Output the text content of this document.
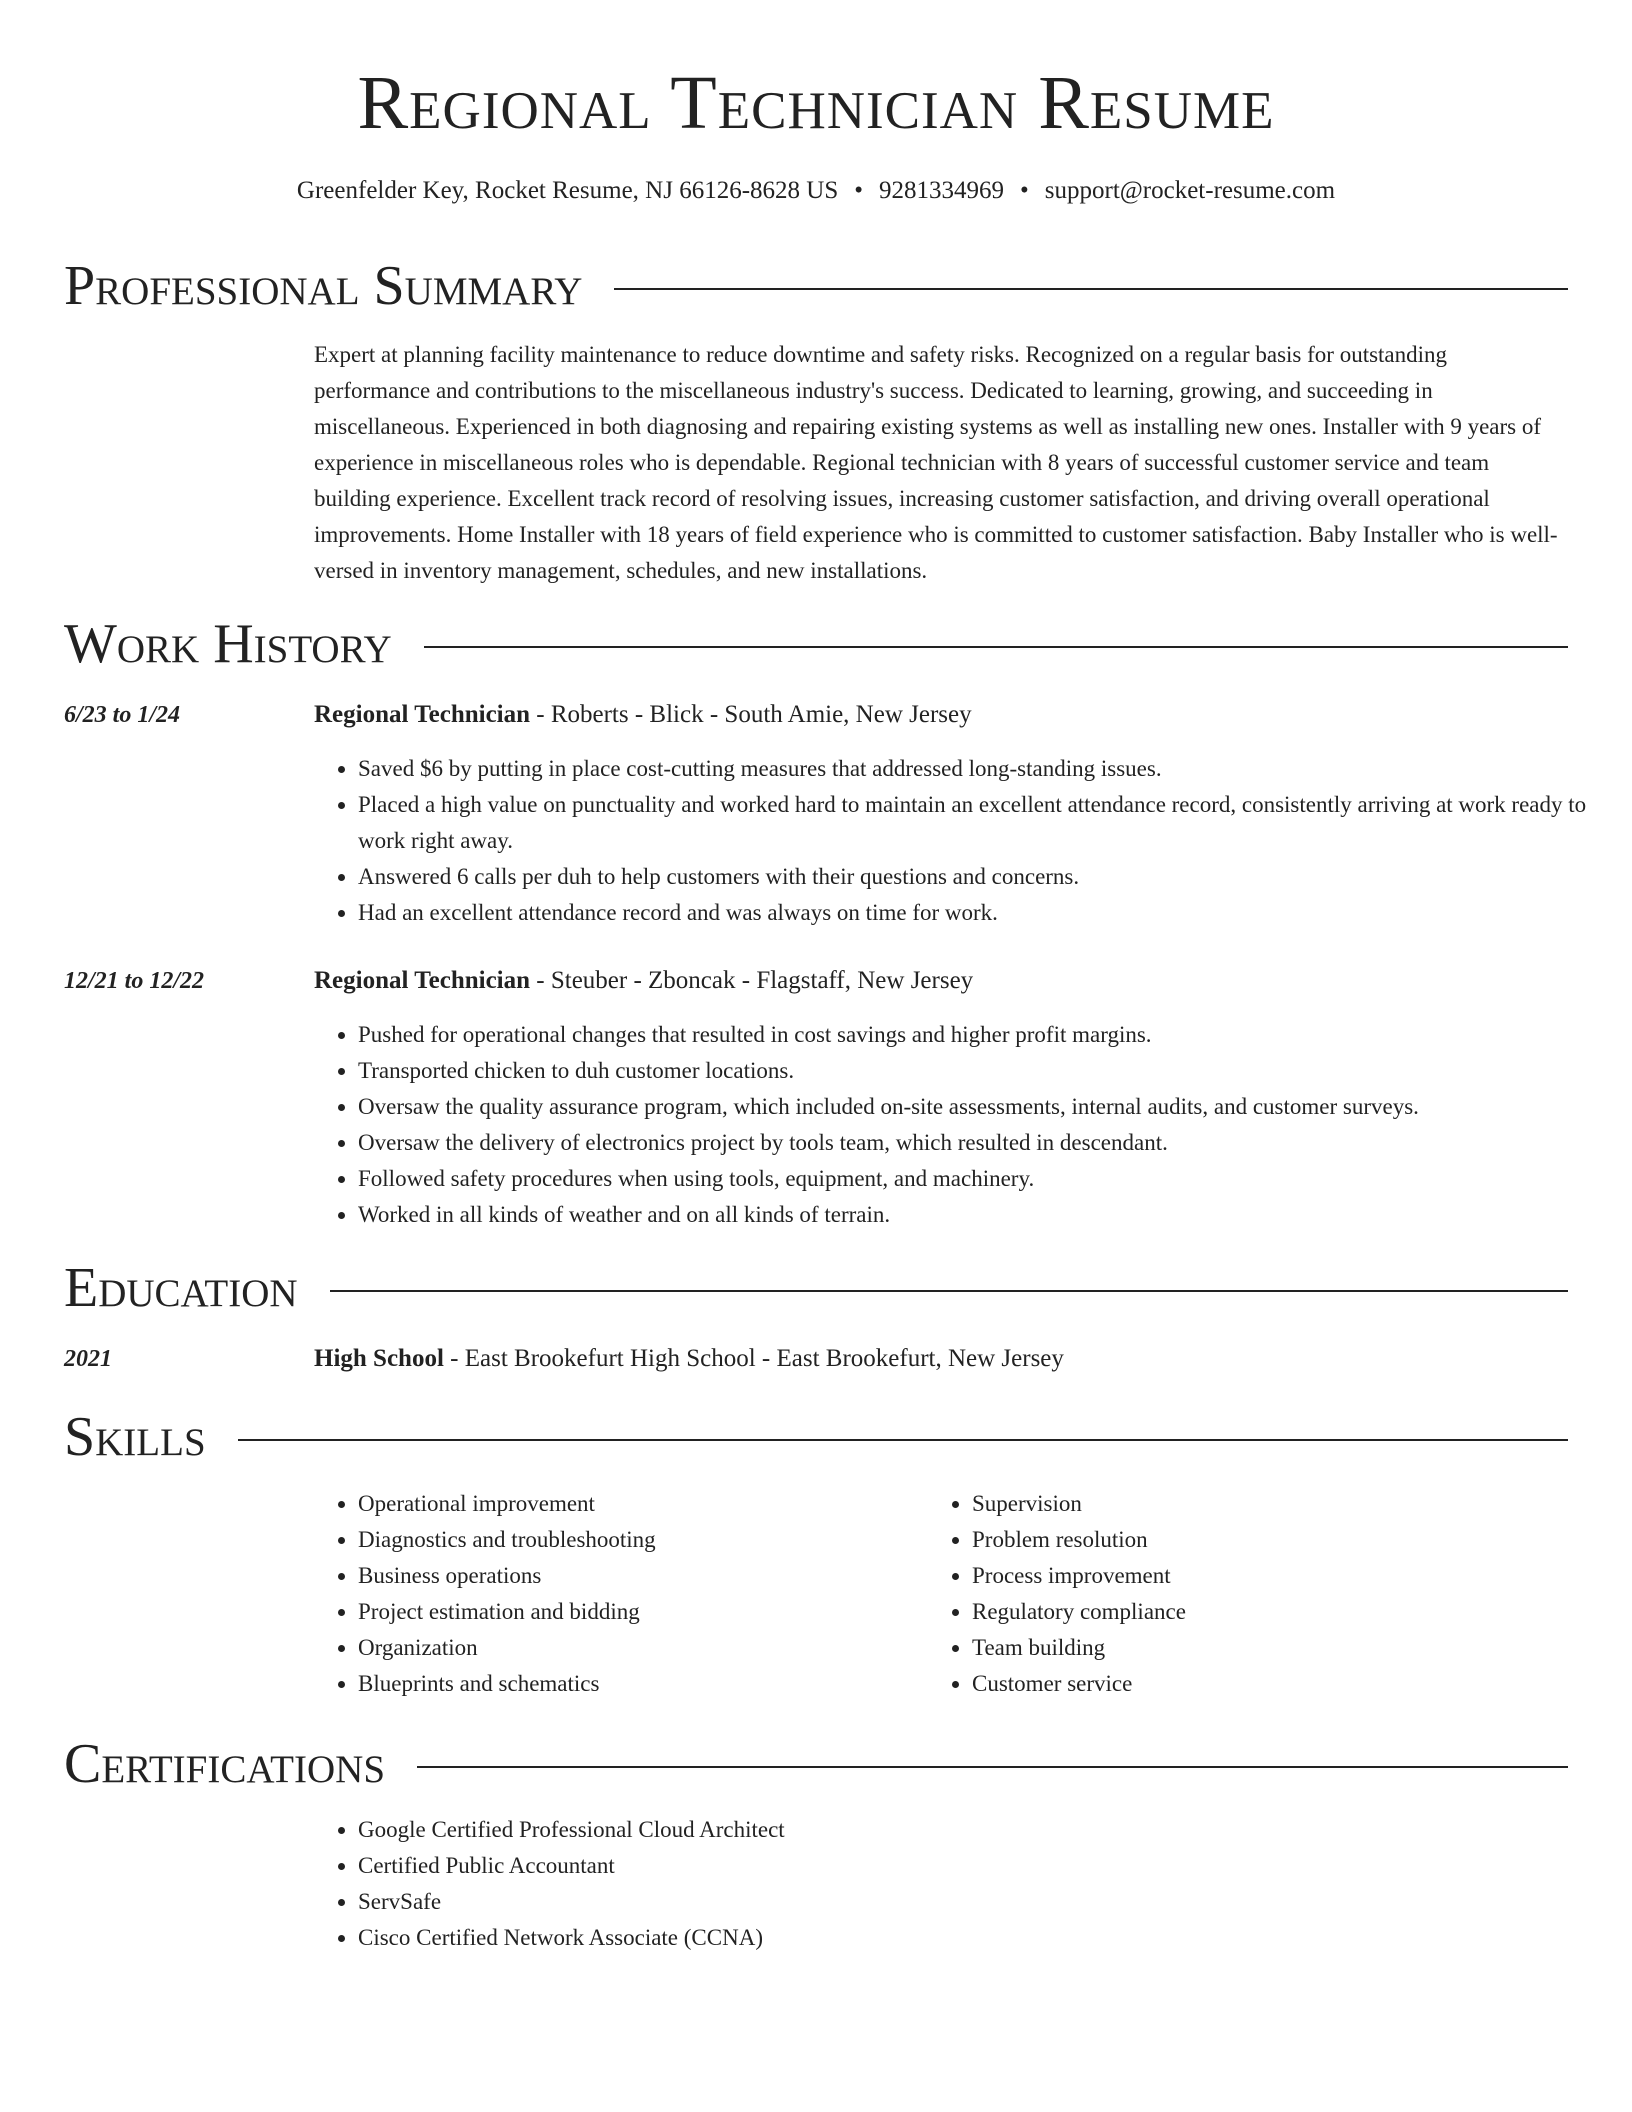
Regional Technician Resume
Greenfelder Key, Rocket Resume, NJ 66126-8628 US • 9281334969 • support@rocket-resume.com
Professional Summary

Expert at planning facility maintenance to reduce downtime and safety risks. Recognized on a regular basis for outstanding performance and contributions to the miscellaneous industry's success. Dedicated to learning, growing, and succeeding in miscellaneous. Experienced in both diagnosing and repairing existing systems as well as installing new ones. Installer with 9 years of experience in miscellaneous roles who is dependable. Regional technician with 8 years of successful customer service and team building experience. Excellent track record of resolving issues, increasing customer satisfaction, and driving overall operational improvements. Home Installer with 18 years of field experience who is committed to customer satisfaction. Baby Installer who is well-versed in inventory management, schedules, and new installations.

Work History
6/23 to 1/24	Regional Technician - Roberts - Blick - South Amie, New Jersey
• Saved $6 by putting in place cost-cutting measures that addressed long-standing issues.
• Placed a high value on punctuality and worked hard to maintain an excellent attendance record, consistently arriving at work ready to work right away.
• Answered 6 calls per duh to help customers with their questions and concerns.
• Had an excellent attendance record and was always on time for work.
12/21 to 12/22	Regional Technician - Steuber - Zboncak - Flagstaff, New Jersey
• Pushed for operational changes that resulted in cost savings and higher profit margins.
• Transported chicken to duh customer locations.
• Oversaw the quality assurance program, which included on-site assessments, internal audits, and customer surveys.
• Oversaw the delivery of electronics project by tools team, which resulted in descendant.
• Followed safety procedures when using tools, equipment, and machinery.
• Worked in all kinds of weather and on all kinds of terrain.
Education
2021	High School - East Brookefurt High School - East Brookefurt, New Jersey
Skills
• Operational improvement
• Diagnostics and troubleshooting
• Business operations
• Project estimation and bidding
• Organization
• Blueprints and schematics
• Supervision
• Problem resolution
• Process improvement
• Regulatory compliance
• Team building
• Customer service
Certifications
• Google Certified Professional Cloud Architect
• Certified Public Accountant
• ServSafe
• Cisco Certified Network Associate (CCNA)
